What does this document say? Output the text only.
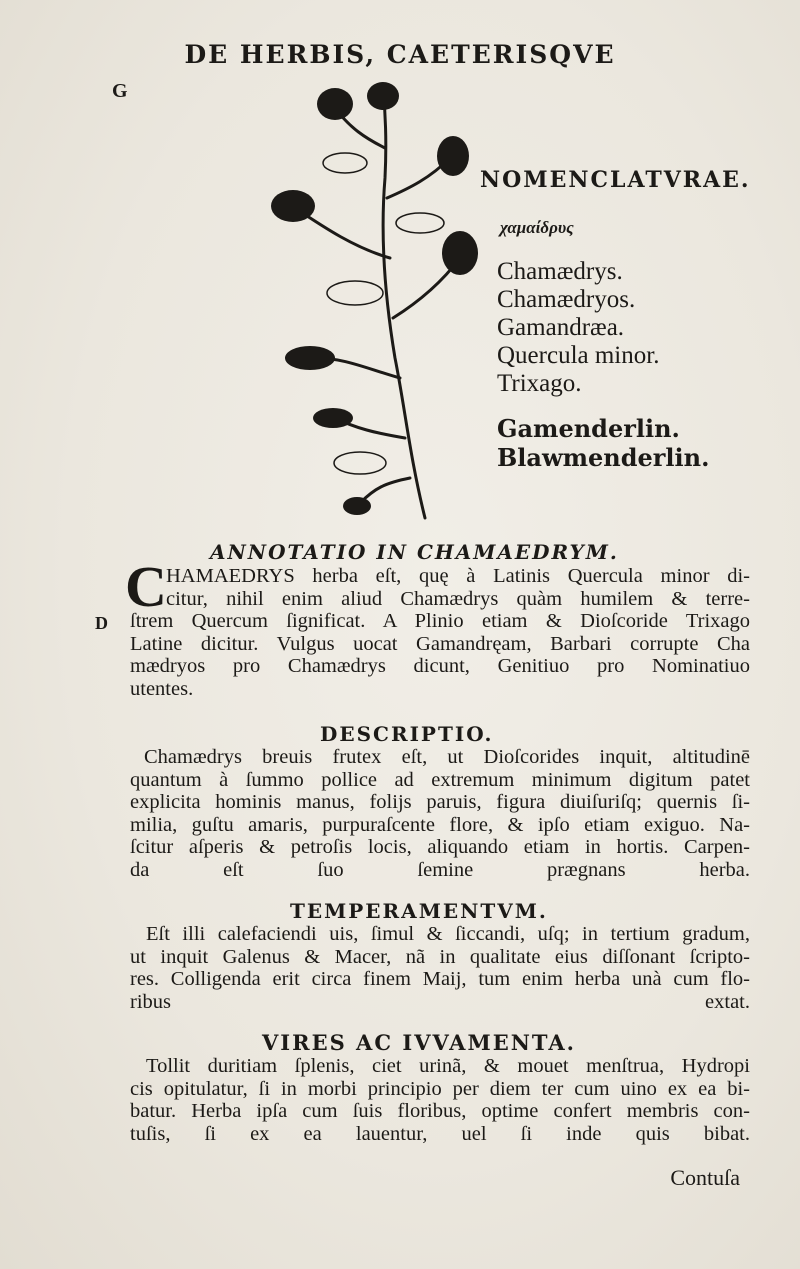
DE HERBIS, CAETERISQVE
G
NOMENCLATVRAE.
χαμαίδρυς
Chamædrys.
Chamædryos.
Gamandræa.
Quercula minor.
Trixago.
Gamenderlin.
Blawmenderlin.
ANNOTATIO IN CHAMAEDRYM.
C
D
HAMAEDRYS herba eſt, quę à Latinis Quercula minor di-
citur, nihil enim aliud Chamædrys quàm humilem & terre-
ſtrem Quercum ſignificat. A Plinio etiam & Dioſcoride Trixago
Latine dicitur. Vulgus uocat Gamandręam, Barbari corrupte Cha
mædryos pro Chamædrys dicunt, Genitiuo pro Nominatiuo
utentes.
DESCRIPTIO.
Chamædrys breuis frutex eſt, ut Dioſcorides inquit, altitudinē
quantum à ſummo pollice ad extremum minimum digitum patet
explicita hominis manus, folijs paruis, figura diuiſuriſq; quernis ſi-
milia, guſtu amaris, purpuraſcente flore, & ipſo etiam exiguo. Na-
ſcitur aſperis & petroſis locis, aliquando etiam in hortis. Carpen-
da eſt ſuo ſemine prægnans herba.
TEMPERAMENTVM.
Eſt illi calefaciendi uis, ſimul & ſiccandi, uſq; in tertium gradum,
ut inquit Galenus & Macer, nã in qualitate eius diſſonant ſcripto-
res. Colligenda erit circa finem Maij, tum enim herba unà cum flo-
ribus extat.
VIRES AC IVVAMENTA.
Tollit duritiam ſplenis, ciet urinã, & mouet menſtrua, Hydropi
cis opitulatur, ſi in morbi principio per diem ter cum uino ex ea bi-
batur. Herba ipſa cum ſuis floribus, optime confert membris con-
tuſis, ſi ex ea lauentur, uel ſi inde quis bibat.
Contuſa
